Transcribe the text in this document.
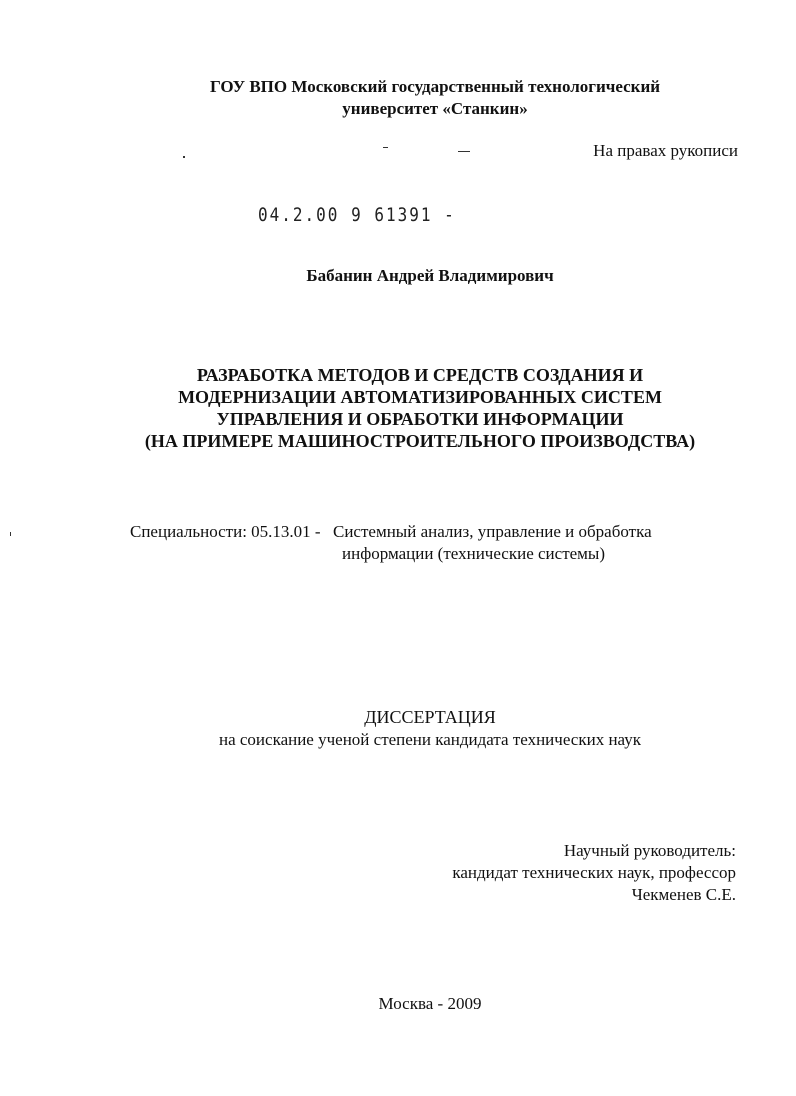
ГОУ ВПО Московский государственный технологический
университет «Станкин»
На правах рукописи
04.2.00 9 61391 -
Бабанин Андрей Владимирович
РАЗРАБОТКА МЕТОДОВ И СРЕДСТВ СОЗДАНИЯ И
МОДЕРНИЗАЦИИ АВТОМАТИЗИРОВАННЫХ СИСТЕМ
УПРАВЛЕНИЯ И ОБРАБОТКИ ИНФОРМАЦИИ
(НА ПРИМЕРЕ МАШИНОСТРОИТЕЛЬНОГО ПРОИЗВОДСТВА)
Специальности: 05.13.01 - Системный анализ, управление и обработка
информации (технические системы)
ДИССЕРТАЦИЯ
на соискание ученой степени кандидата технических наук
Научный руководитель:
кандидат технических наук, профессор
Чекменев С.Е.
Москва - 2009
